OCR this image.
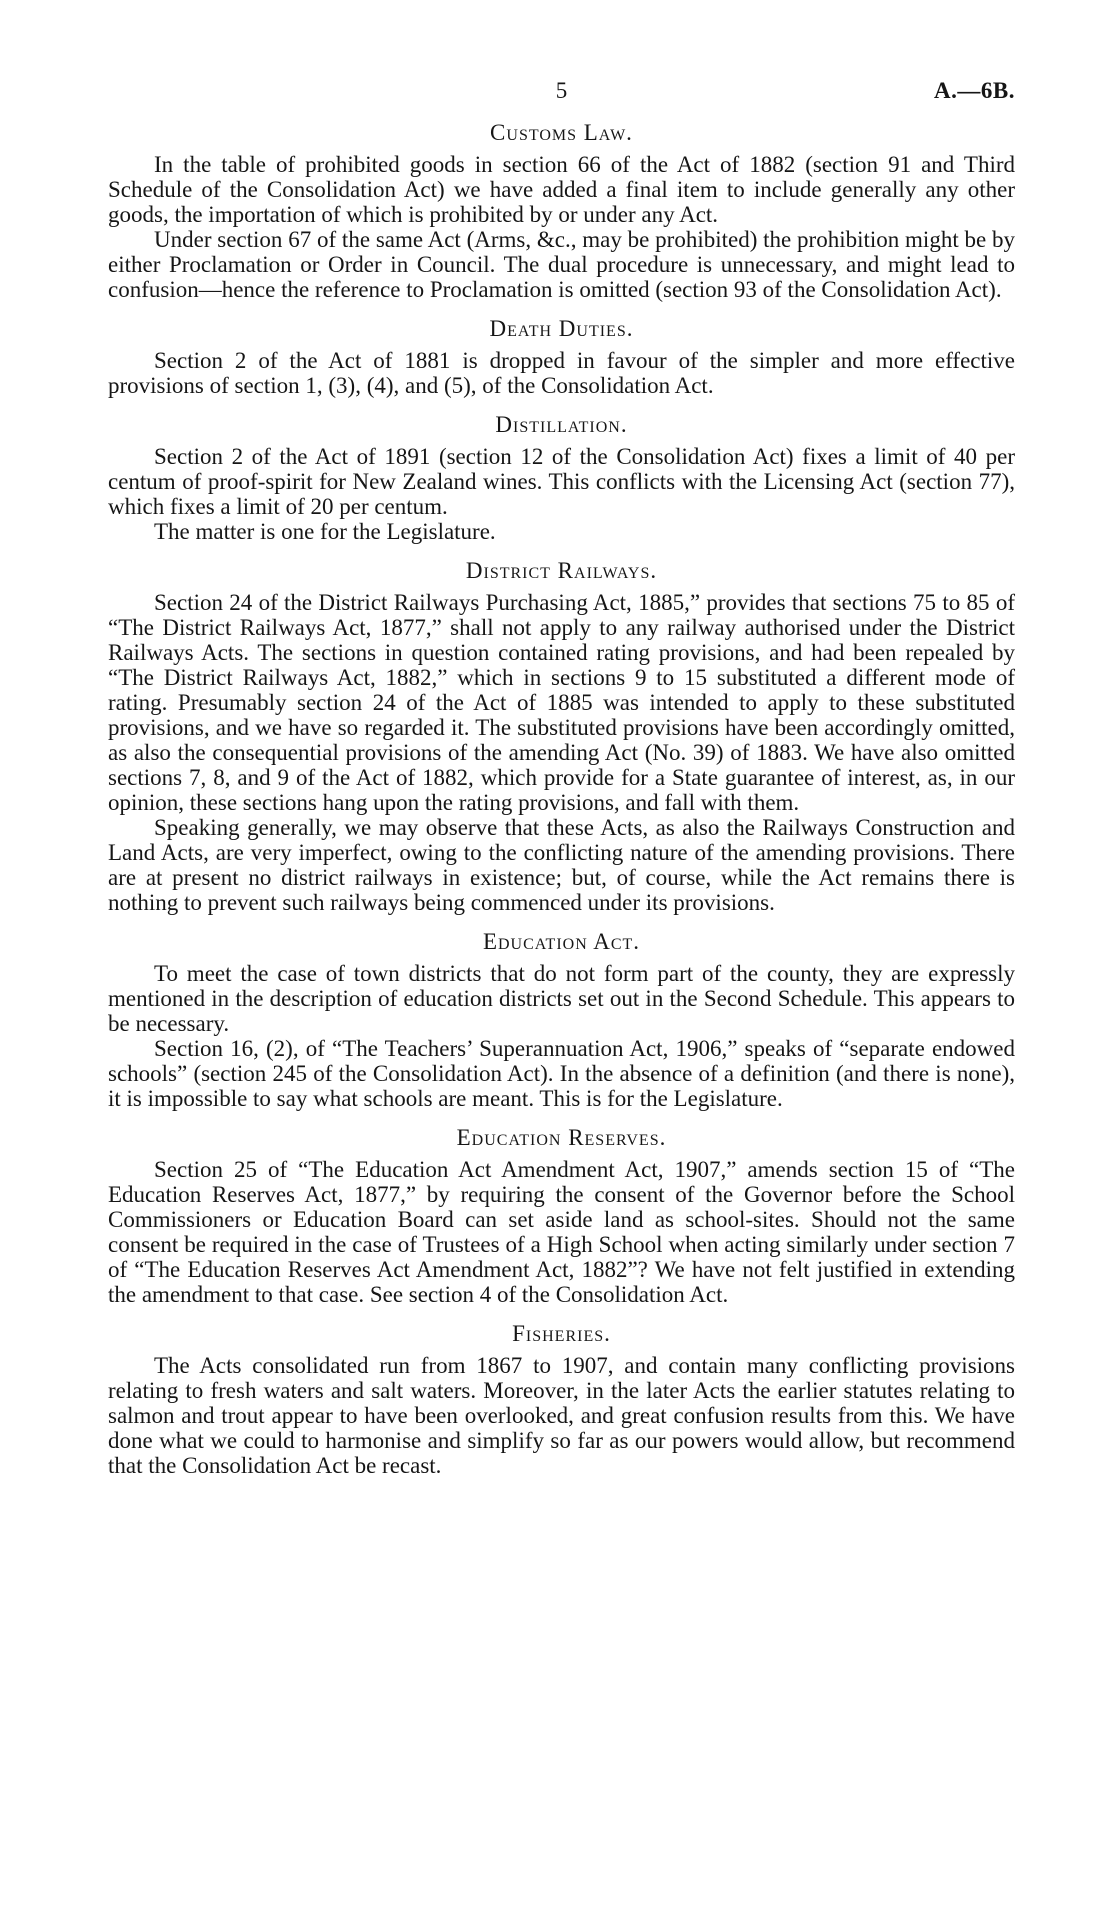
5	A.—6B.
Customs Law.

In the table of prohibited goods in section 66 of the Act of 1882 (section 91 and Third Schedule of the Consolidation Act) we have added a final item to include generally any other goods, the importation of which is prohibited by or under any Act.

Under section 67 of the same Act (Arms, &c., may be prohibited) the prohibition might be by either Proclamation or Order in Council. The dual procedure is unnecessary, and might lead to confusion—hence the reference to Proclamation is omitted (section 93 of the Consolidation Act).

Death Duties.

Section 2 of the Act of 1881 is dropped in favour of the simpler and more effective provisions of section 1, (3), (4), and (5), of the Consolidation Act.

Distillation.

Section 2 of the Act of 1891 (section 12 of the Consolidation Act) fixes a limit of 40 per centum of proof-spirit for New Zealand wines. This conflicts with the Licensing Act (section 77), which fixes a limit of 20 per centum.

The matter is one for the Legislature.

District Railways.

Section 24 of the District Railways Purchasing Act, 1885,” provides that sections 75 to 85 of “The District Railways Act, 1877,” shall not apply to any railway authorised under the District Railways Acts. The sections in question contained rating provisions, and had been repealed by “The District Railways Act, 1882,” which in sections 9 to 15 substituted a different mode of rating. Presumably section 24 of the Act of 1885 was intended to apply to these substituted provisions, and we have so regarded it. The substituted provisions have been accordingly omitted, as also the consequential provisions of the amending Act (No. 39) of 1883. We have also omitted sections 7, 8, and 9 of the Act of 1882, which provide for a State guarantee of interest, as, in our opinion, these sections hang upon the rating provisions, and fall with them.

Speaking generally, we may observe that these Acts, as also the Railways Construction and Land Acts, are very imperfect, owing to the conflicting nature of the amending provisions. There are at present no district railways in existence; but, of course, while the Act remains there is nothing to prevent such railways being commenced under its provisions.

Education Act.

To meet the case of town districts that do not form part of the county, they are expressly mentioned in the description of education districts set out in the Second Schedule. This appears to be necessary.

Section 16, (2), of “The Teachers’ Superannuation Act, 1906,” speaks of “separate endowed schools” (section 245 of the Consolidation Act). In the absence of a definition (and there is none), it is impossible to say what schools are meant. This is for the Legislature.

Education Reserves.

Section 25 of “The Education Act Amendment Act, 1907,” amends section 15 of “The Education Reserves Act, 1877,” by requiring the consent of the Governor before the School Commissioners or Education Board can set aside land as school-sites. Should not the same consent be required in the case of Trustees of a High School when acting similarly under section 7 of “The Education Reserves Act Amendment Act, 1882”? We have not felt justified in extending the amendment to that case. See section 4 of the Consolidation Act.

Fisheries.

The Acts consolidated run from 1867 to 1907, and contain many conflicting provisions relating to fresh waters and salt waters. Moreover, in the later Acts the earlier statutes relating to salmon and trout appear to have been overlooked, and great confusion results from this. We have done what we could to harmonise and simplify so far as our powers would allow, but recommend that the Consolidation Act be recast.
